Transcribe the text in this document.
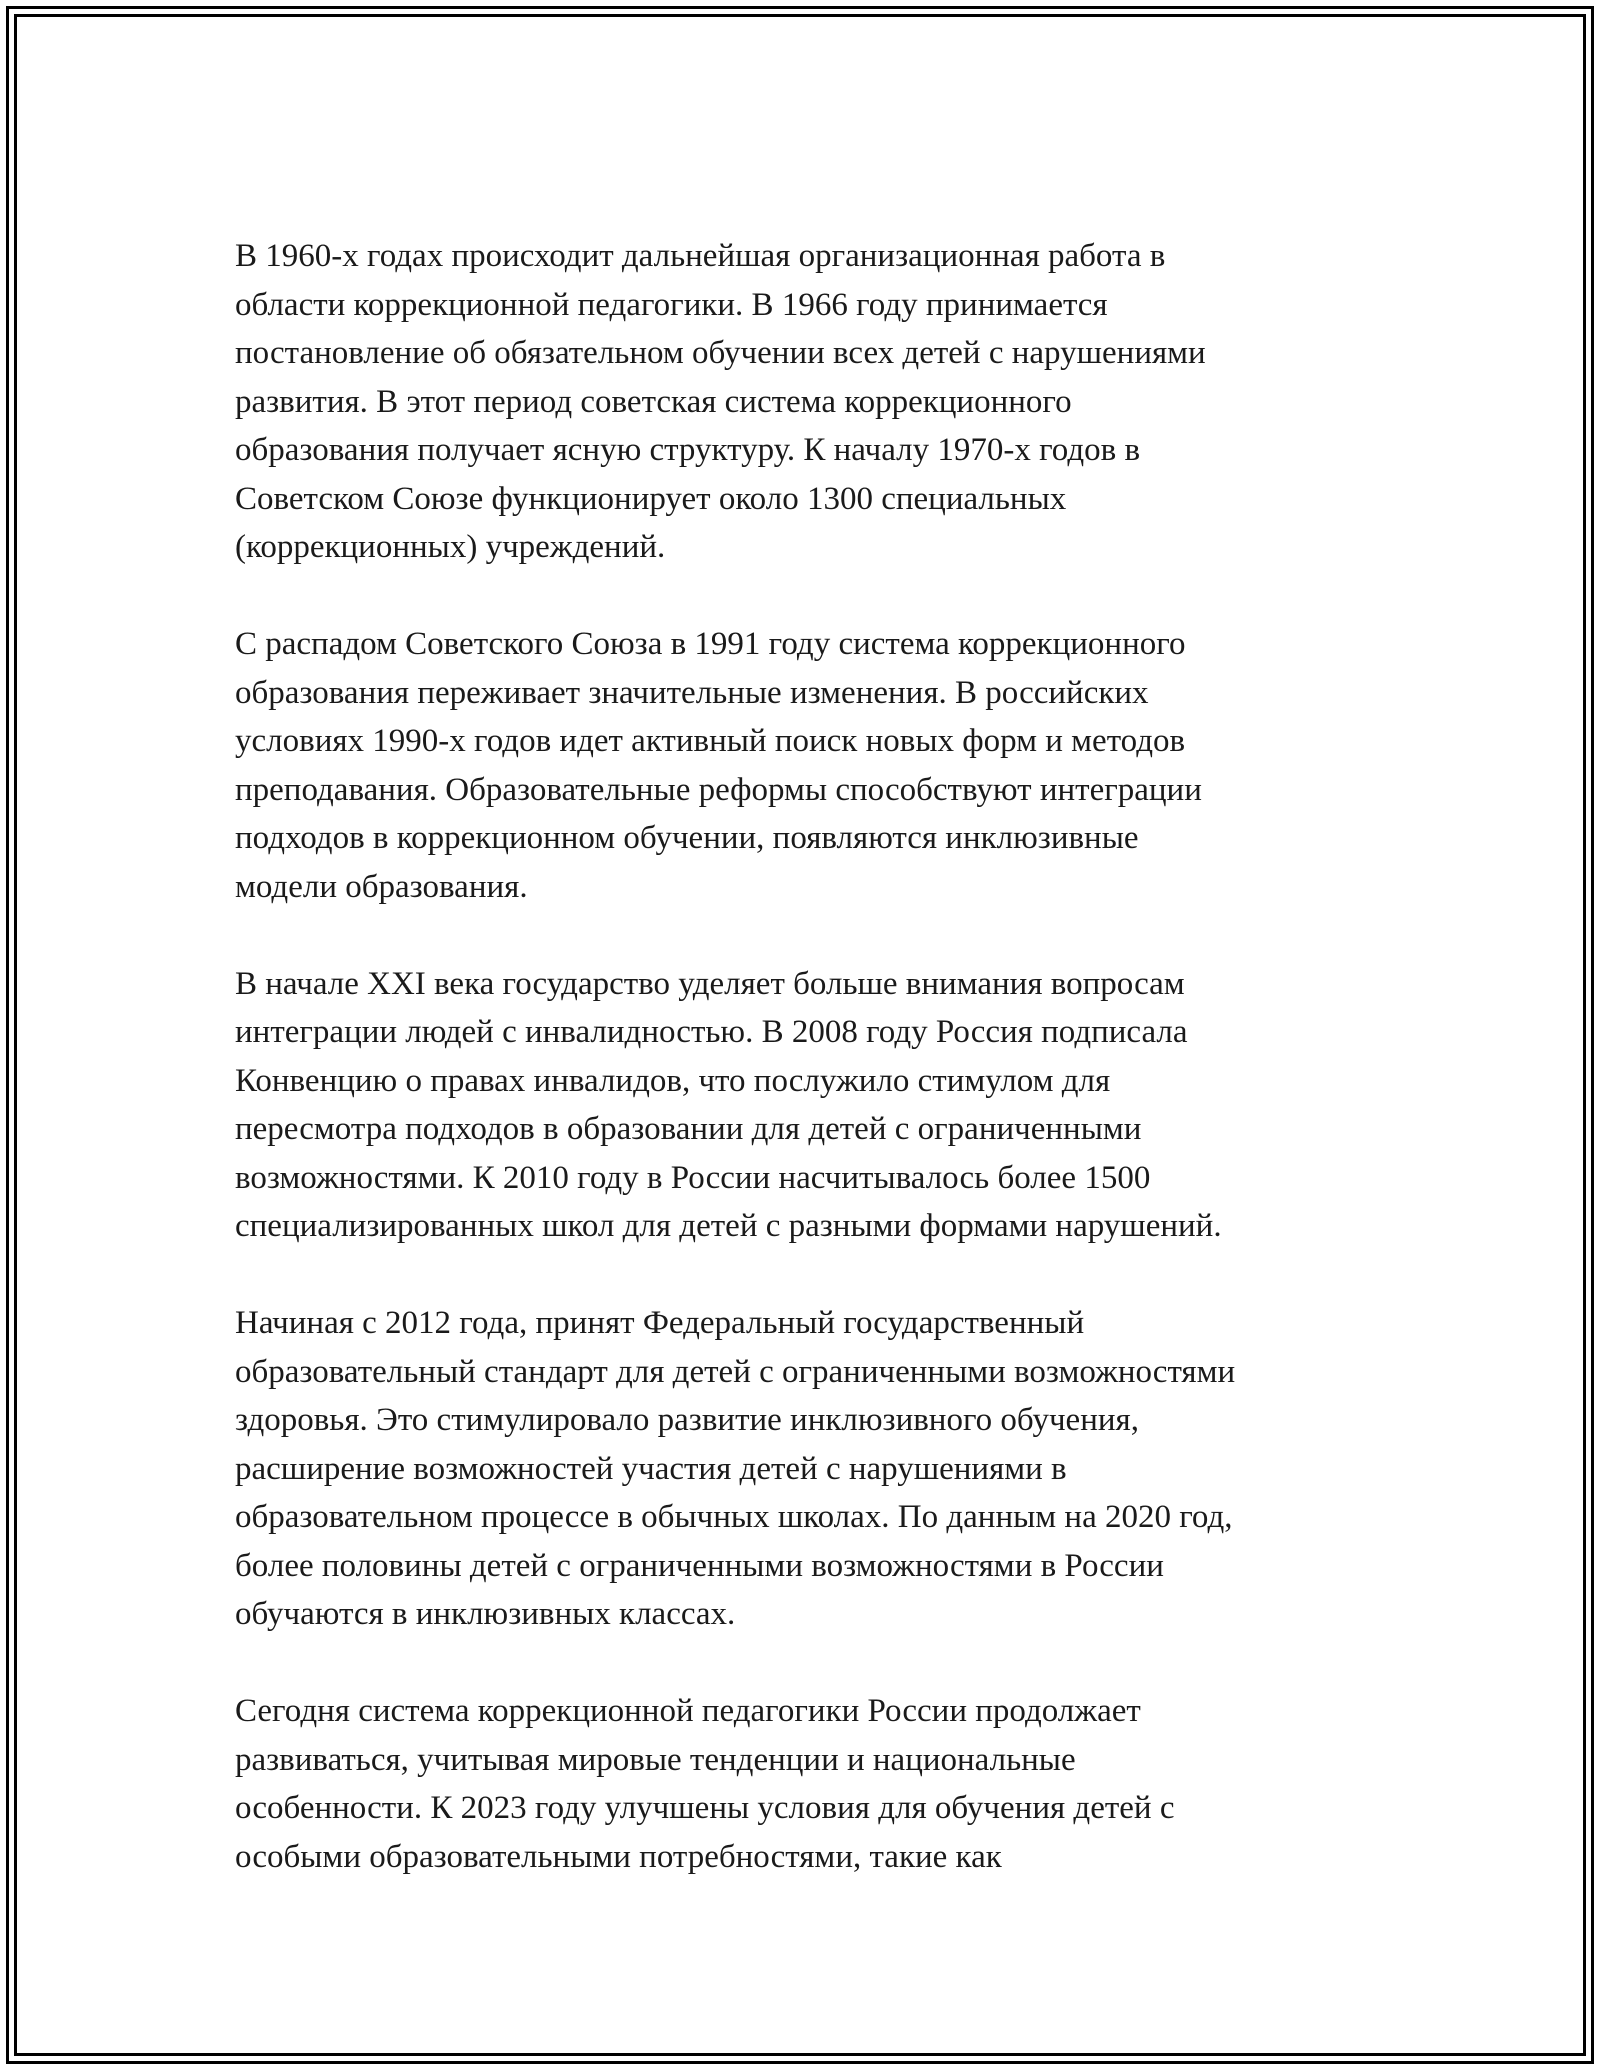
В 1960-х годах происходит дальнейшая организационная работа в
области коррекционной педагогики. В 1966 году принимается
постановление об обязательном обучении всех детей с нарушениями
развития. В этот период советская система коррекционного
образования получает ясную структуру. К началу 1970-х годов в
Советском Союзе функционирует около 1300 специальных
(коррекционных) учреждений.

С распадом Советского Союза в 1991 году система коррекционного
образования переживает значительные изменения. В российских
условиях 1990-х годов идет активный поиск новых форм и методов
преподавания. Образовательные реформы способствуют интеграции
подходов в коррекционном обучении, появляются инклюзивные
модели образования.

В начале XXI века государство уделяет больше внимания вопросам
интеграции людей с инвалидностью. В 2008 году Россия подписала
Конвенцию о правах инвалидов, что послужило стимулом для
пересмотра подходов в образовании для детей с ограниченными
возможностями. К 2010 году в России насчитывалось более 1500
специализированных школ для детей с разными формами нарушений.

Начиная с 2012 года, принят Федеральный государственный
образовательный стандарт для детей с ограниченными возможностями
здоровья. Это стимулировало развитие инклюзивного обучения,
расширение возможностей участия детей с нарушениями в
образовательном процессе в обычных школах. По данным на 2020 год,
более половины детей с ограниченными возможностями в России
обучаются в инклюзивных классах.

Сегодня система коррекционной педагогики России продолжает
развиваться, учитывая мировые тенденции и национальные
особенности. К 2023 году улучшены условия для обучения детей с
особыми образовательными потребностями, такие как
